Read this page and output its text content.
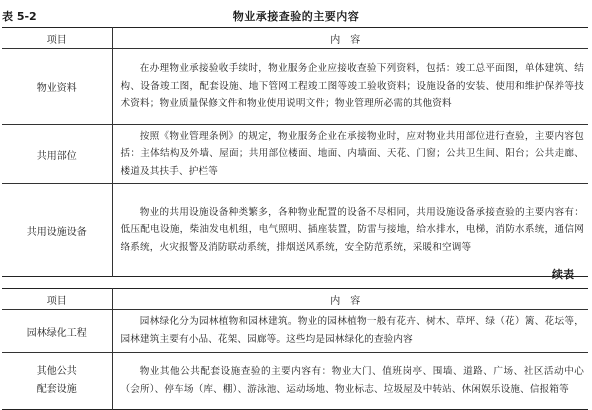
表 5-2	物业承接查验的主要内容
项目	内容
物业资料	在办理物业承接验收手续时，物业服务企业应接收查验下列资料，包括：竣工总平面图，单体建筑、结构、设备竣工图，配套设施、地下管网工程竣工图等竣工验收资料；设施设备的安装、使用和维护保养等技术资料；物业质量保修文件和物业使用说明文件；物业管理所必需的其他资料
共用部位	按照《物业管理条例》的规定，物业服务企业在承接物业时，应对物业共用部位进行查验，主要内容包括：主体结构及外墙、屋面；共用部位楼面、地面、内墙面、天花、门窗；公共卫生间、阳台；公共走廊、楼道及其扶手、护栏等
共用设施设备	物业的共用设施设备种类繁多，各种物业配置的设备不尽相同，共用设施设备承接查验的主要内容有：低压配电设施，柴油发电机组，电气照明、插座装置，防雷与接地，给水排水，电梯，消防水系统，通信网络系统，火灾报警及消防联动系统，排烟送风系统，安全防范系统，采暖和空调等
续表
项目	内容
园林绿化工程	园林绿化分为园林植物和园林建筑。物业的园林植物一般有花卉、树木、草坪、绿（花）篱、花坛等，园林建筑主要有小品、花架、园廊等。这些均是园林绿化的查验内容

其他公共
配套设施	物业其他公共配套设施查验的主要内容有：物业大门、值班岗亭、围墙、道路、广场、社区活动中心（会所）、停车场（库、棚）、游泳池、运动场地、物业标志、垃圾屋及中转站、休闲娱乐设施、信报箱等
